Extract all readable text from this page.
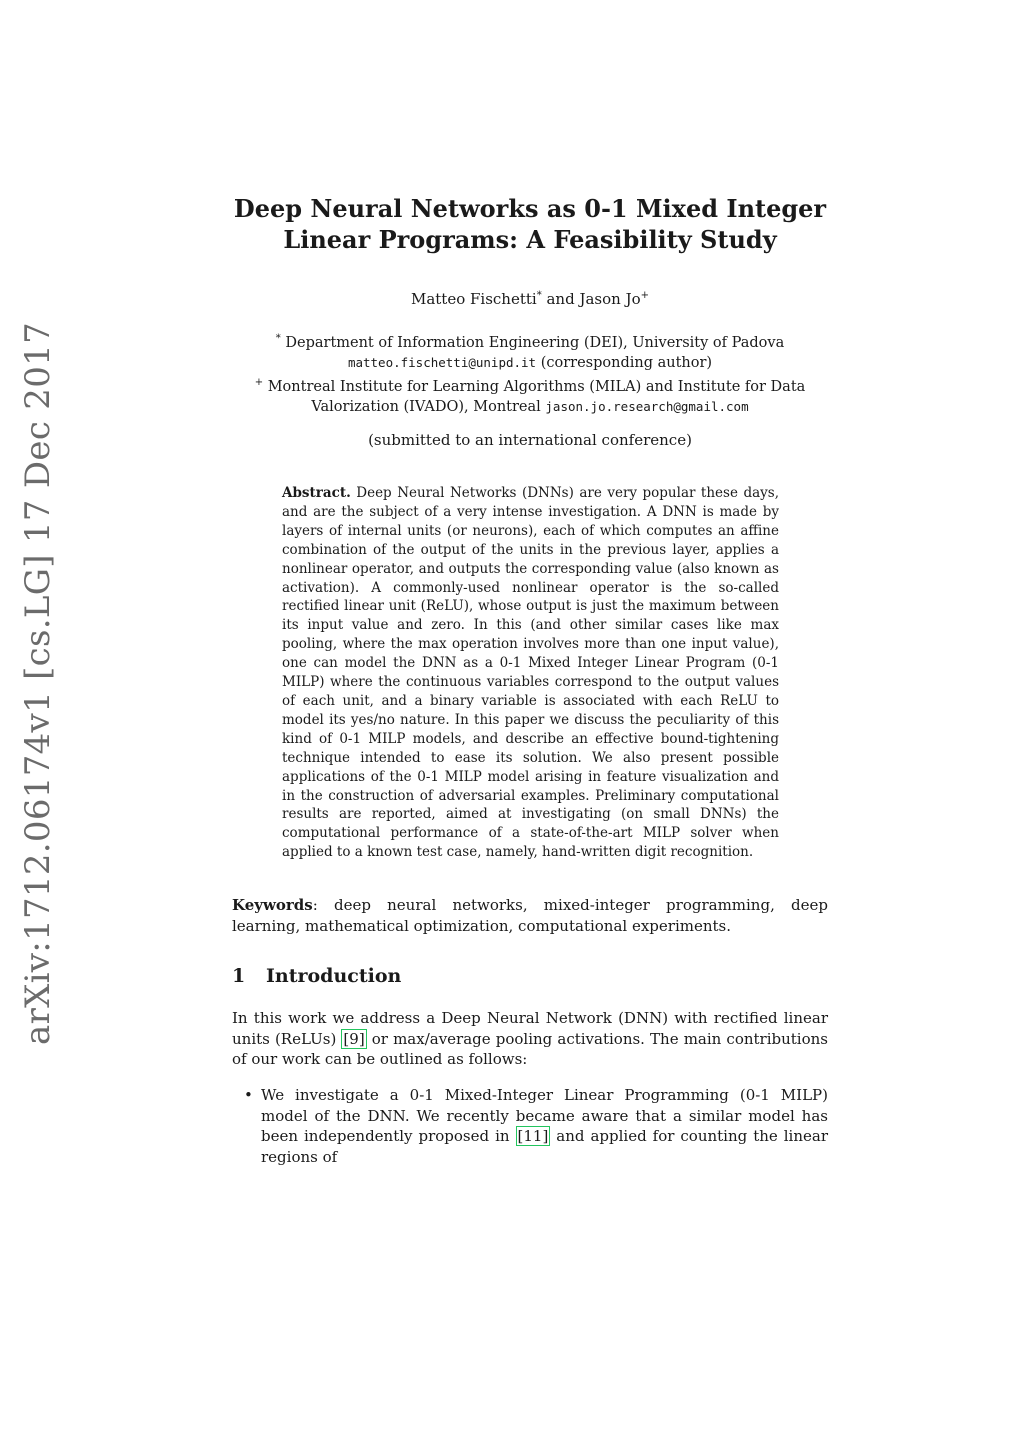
arXiv:1712.06174v1 [cs.LG] 17 Dec 2017
Deep Neural Networks as 0-1 Mixed Integer
Linear Programs: A Feasibility Study
Matteo Fischetti* and Jason Jo+
* Department of Information Engineering (DEI), University of Padova
matteo.fischetti@unipd.it (corresponding author)
+ Montreal Institute for Learning Algorithms (MILA) and Institute for Data
Valorization (IVADO), Montreal jason.jo.research@gmail.com
(submitted to an international conference)
Abstract. Deep Neural Networks (DNNs) are very popular these days, and are the subject of a very intense investigation. A DNN is made by layers of internal units (or neurons), each of which computes an affine combination of the output of the units in the previous layer, applies a nonlinear operator, and outputs the corresponding value (also known as activation). A commonly-used nonlinear operator is the so-called rectified linear unit (ReLU), whose output is just the maximum between its input value and zero. In this (and other similar cases like max pooling, where the max operation involves more than one input value), one can model the DNN as a 0-1 Mixed Integer Linear Program (0-1 MILP) where the continuous variables correspond to the output values of each unit, and a binary variable is associated with each ReLU to model its yes/no nature. In this paper we discuss the peculiarity of this kind of 0-1 MILP models, and describe an effective bound-tightening technique intended to ease its solution. We also present possible applications of the 0-1 MILP model arising in feature visualization and in the construction of adversarial examples. Preliminary computational results are reported, aimed at investigating (on small DNNs) the computational performance of a state-of-the-art MILP solver when applied to a known test case, namely, hand-written digit recognition.
Keywords: deep neural networks, mixed-integer programming, deep learning, mathematical optimization, computational experiments.
1 Introduction
In this work we address a Deep Neural Network (DNN) with rectified linear units (ReLUs) [9] or max/average pooling activations. The main contributions of our work can be outlined as follows:
• We investigate a 0-1 Mixed-Integer Linear Programming (0-1 MILP) model of the DNN. We recently became aware that a similar model has been independently proposed in [11] and applied for counting the linear regions of
